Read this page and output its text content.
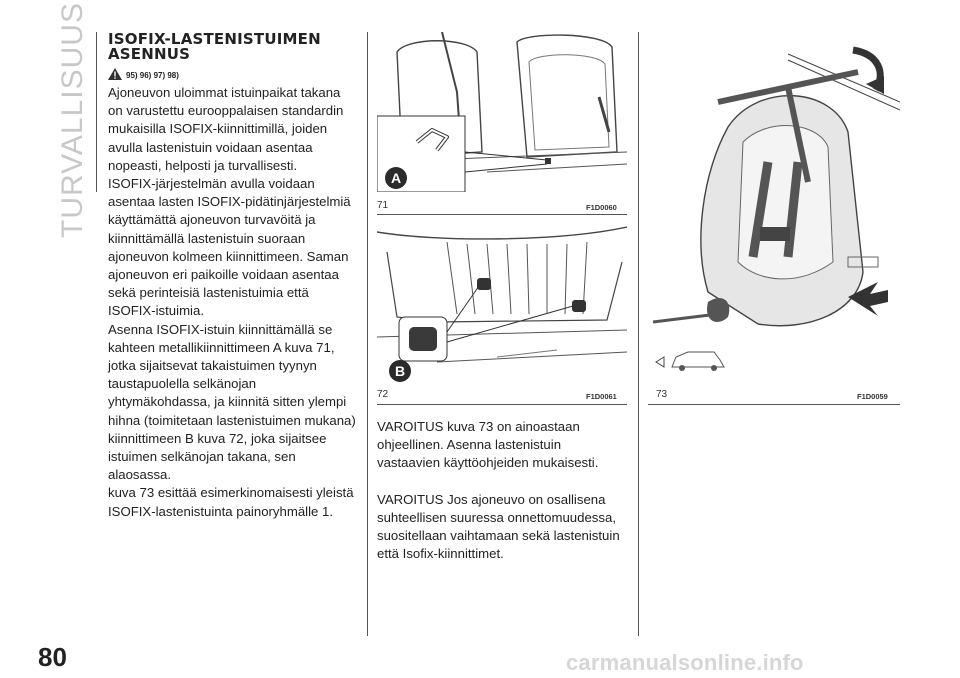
TURVALLISUUS
80
ISOFIX-LASTENISTUIMEN
ASENNUS
95) 96) 97) 98)

Ajoneuvon uloimmat istuinpaikat takana on varustettu eurooppalaisen standardin mukaisilla ISOFIX-kiinnittimillä, joiden avulla lastenistuin voidaan asentaa nopeasti, helposti ja turvallisesti.

ISOFIX-järjestelmän avulla voidaan asentaa lasten ISOFIX-pidätinjärjestelmiä käyttämättä ajoneuvon turvavöitä ja kiinnittämällä lastenistuin suoraan ajoneuvon kolmeen kiinnittimeen. Saman ajoneuvon eri paikoille voidaan asentaa sekä perinteisiä lastenistuimia että ISOFIX-istuimia.

Asenna ISOFIX-istuin kiinnittämällä se kahteen metallikiinnittimeen A kuva 71, jotka sijaitsevat takaistuimen tyynyn taustapuolella selkänojan yhtymäkohdassa, ja kiinnitä sitten ylempi hihna (toimitetaan lastenistuimen mukana) kiinnittimeen B kuva 72, joka sijaitsee istuimen selkänojan takana, sen alaosassa.

kuva 73 esittää esimerkinomaisesti yleistä ISOFIX-lastenistuinta painoryhmälle 1.

A
71	F1D0060
B
72	F1D0061

VAROITUS kuva 73 on ainoastaan ohjeellinen. Asenna lastenistuin vastaavien käyttöohjeiden mukaisesti.

VAROITUS Jos ajoneuvo on osallisena suhteellisen suuressa onnettomuudessa, suositellaan vaihtamaan sekä lastenistuin että Isofix-kiinnittimet.

73	F1D0059
carmanualsonline.info
